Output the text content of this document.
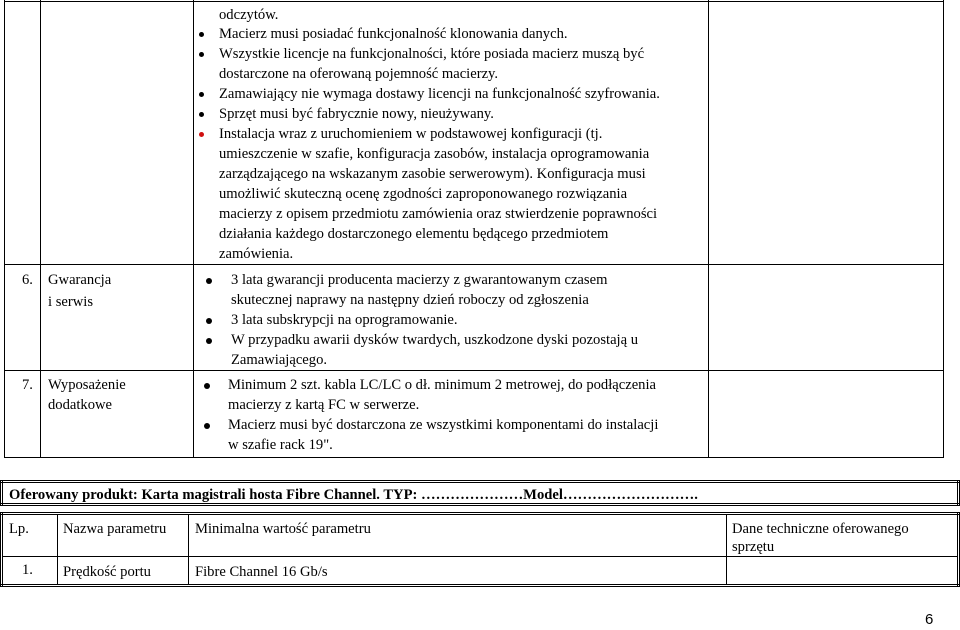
odczytów.
Macierz musi posiadać funkcjonalność klonowania danych.
Wszystkie licencje na funkcjonalności, które posiada macierz muszą być
dostarczone na oferowaną pojemność macierzy.
Zamawiający nie wymaga dostawy licencji na funkcjonalność szyfrowania.
Sprzęt musi być fabrycznie nowy, nieużywany.
Instalacja wraz z uruchomieniem w podstawowej konfiguracji (tj.
umieszczenie w szafie, konfiguracja zasobów, instalacja oprogramowania
zarządzającego na wskazanym zasobie serwerowym). Konfiguracja musi
umożliwić skuteczną ocenę zgodności zaproponowanego rozwiązania
macierzy z opisem przedmiotu zamówienia oraz stwierdzenie poprawności
działania każdego dostarczonego elementu będącego przedmiotem
zamówienia.
6. Gwarancja
i serwis
3 lata gwarancji producenta macierzy z gwarantowanym czasem
skutecznej naprawy na następny dzień roboczy od zgłoszenia
3 lata subskrypcji na oprogramowanie.
W przypadku awarii dysków twardych, uszkodzone dyski pozostają u
Zamawiającego.
7. Wyposażenie
dodatkowe
Minimum 2 szt. kabla LC/LC o dł. minimum 2 metrowej, do podłączenia
macierzy z kartą FC w serwerze.
Macierz musi być dostarczona ze wszystkimi komponentami do instalacji
w szafie rack 19".
Oferowany produkt: Karta magistrali hosta Fibre Channel. TYP: …………………Model……………………….
Lp. Nazwa parametru Minimalna wartość parametru	Dane techniczne oferowanego
sprzętu
1. Prędkość portu	Fibre Channel 16 Gb/s
6
